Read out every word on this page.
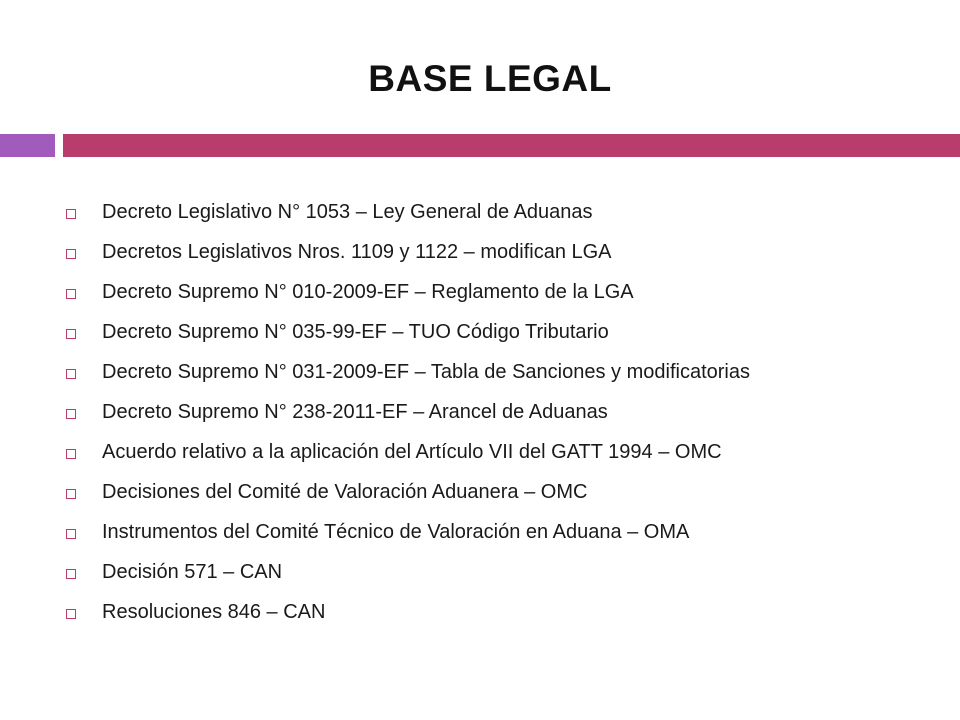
BASE LEGAL
Decreto Legislativo N° 1053 – Ley General de Aduanas
Decretos Legislativos Nros. 1109 y 1122 – modifican LGA
Decreto Supremo N° 010-2009-EF – Reglamento de la LGA
Decreto Supremo N° 035-99-EF – TUO Código Tributario
Decreto Supremo N° 031-2009-EF – Tabla de Sanciones y modificatorias
Decreto Supremo N° 238-2011-EF – Arancel de Aduanas
Acuerdo relativo a la aplicación del Artículo VII del GATT 1994 – OMC
Decisiones del Comité de Valoración Aduanera – OMC
Instrumentos del Comité Técnico de Valoración en Aduana – OMA
Decisión 571 – CAN
Resoluciones 846 – CAN
